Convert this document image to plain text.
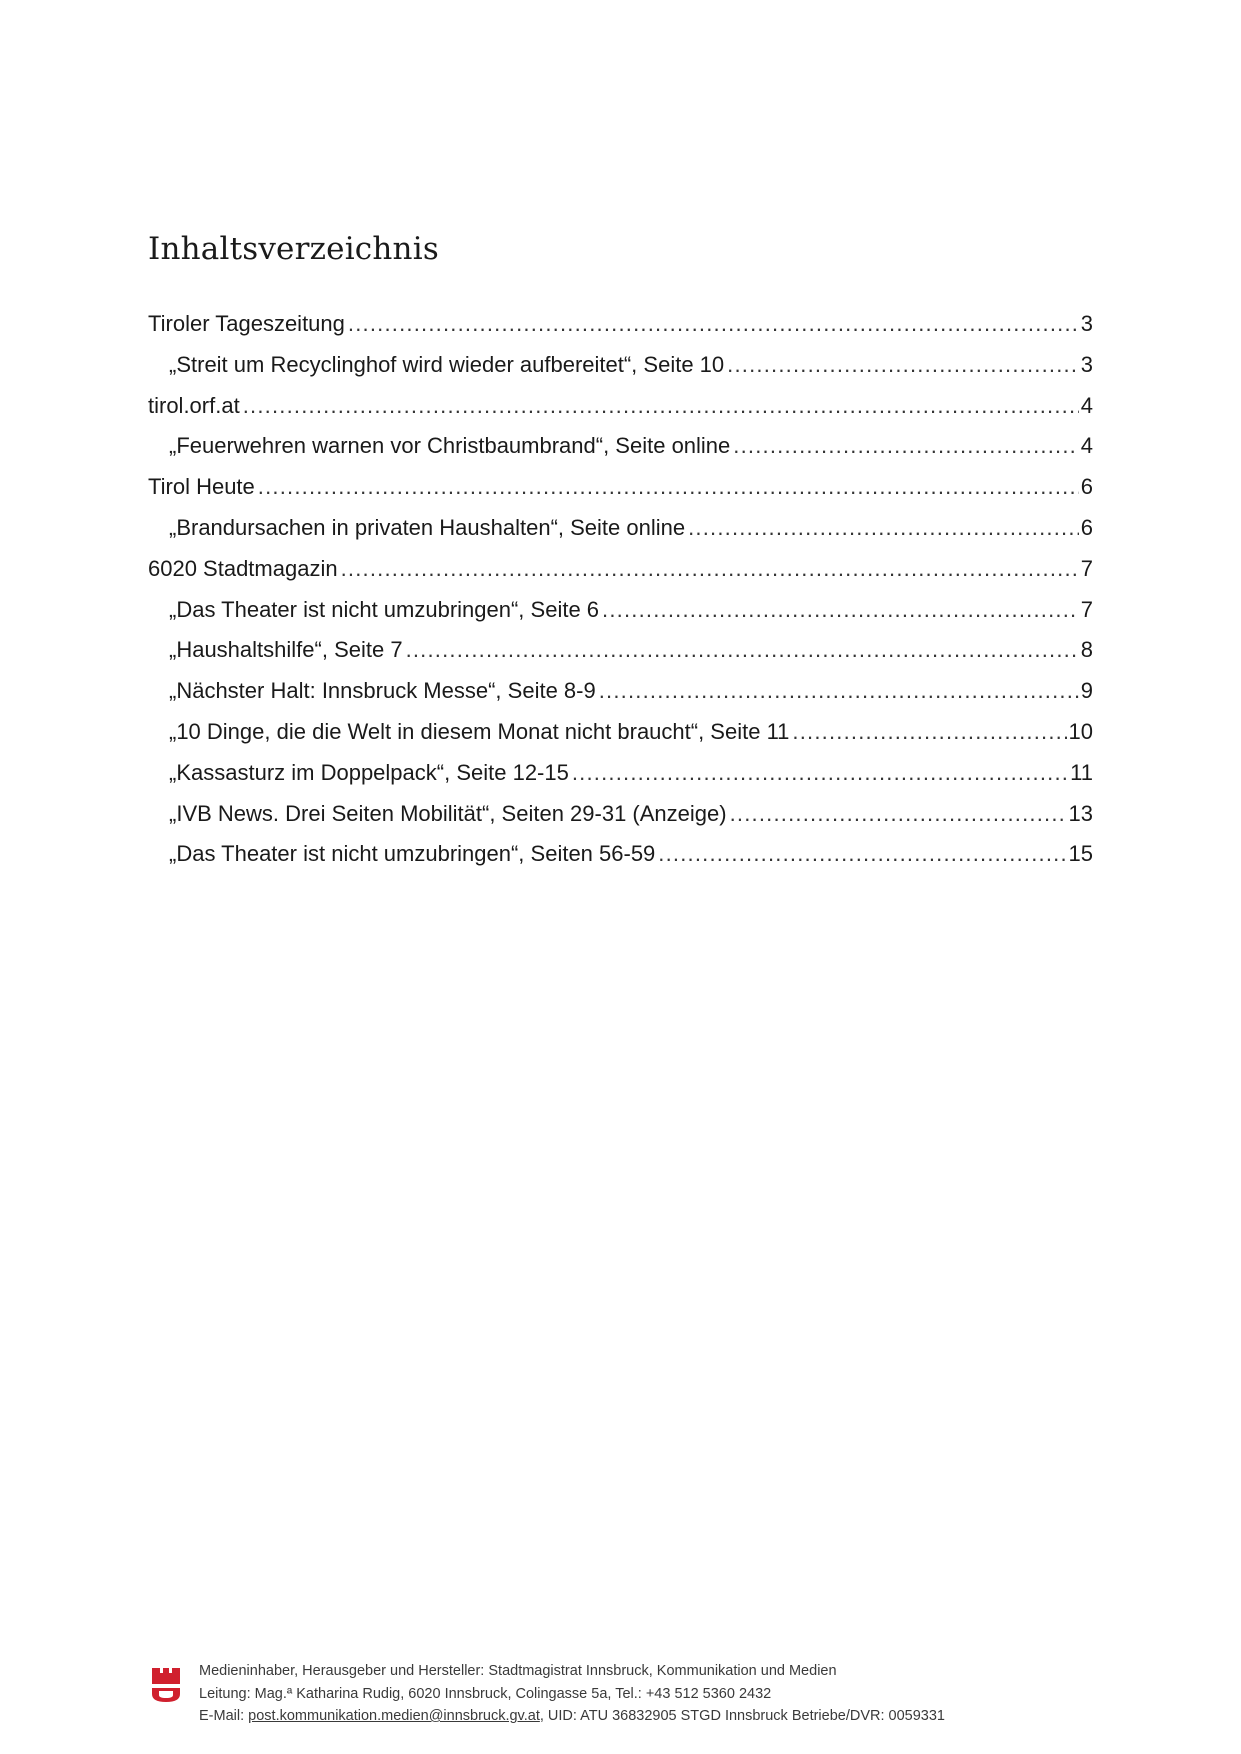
Inhaltsverzeichnis
Tiroler Tageszeitung .....	3
„Streit um Recyclinghof wird wieder aufbereitet“, Seite 10 .....	3
tirol.orf.at .....	4
„Feuerwehren warnen vor Christbaumbrand“, Seite online .....	4
Tirol Heute .....	6
„Brandursachen in privaten Haushalten“, Seite online .....	6
6020 Stadtmagazin .....	7
„Das Theater ist nicht umzubringen“, Seite 6 .....	7
„Haushaltshilfe“, Seite 7 .....	8
„Nächster Halt: Innsbruck Messe“, Seite 8-9 .....	9
„10 Dinge, die die Welt in diesem Monat nicht braucht“, Seite 11 .....	10
„Kassasturz im Doppelpack“, Seite 12-15 .....	11
„IVB News. Drei Seiten Mobilität“, Seiten 29-31 (Anzeige) .....	13
„Das Theater ist nicht umzubringen“, Seiten 56-59 .....	15
Medieninhaber, Herausgeber und Hersteller: Stadtmagistrat Innsbruck, Kommunikation und Medien
Leitung: Mag.ª Katharina Rudig, 6020 Innsbruck, Colingasse 5a, Tel.: +43 512 5360 2432
E-Mail: post.kommunikation.medien@innsbruck.gv.at, UID: ATU 36832905 STGD Innsbruck Betriebe/DVR: 0059331
